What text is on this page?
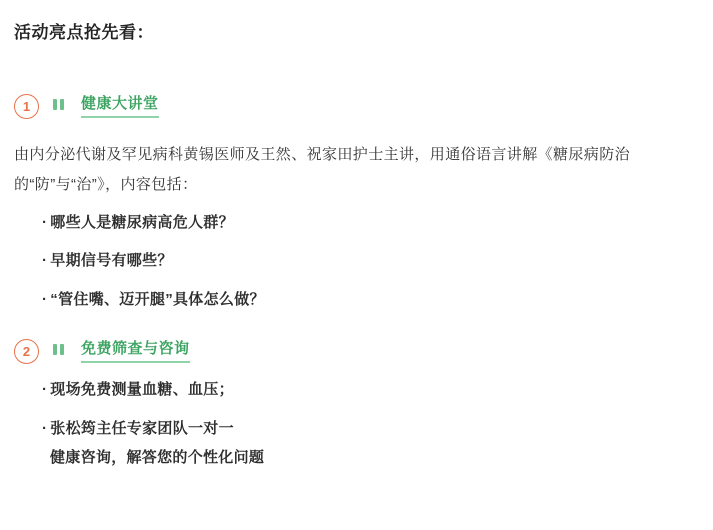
活动亮点抢先看：
1	健康大讲堂
由内分泌代谢及罕见病科黄锡医师及王然、祝家田护士主讲，用通俗语言讲解《糖尿病防治的“防”与“治”》，内容包括：
· 哪些人是糖尿病高危人群？
· 早期信号有哪些？
· “管住嘴、迈开腿”具体怎么做？
2	免费筛查与咨询
· 现场免费测量血糖、血压；
· 张松筠主任专家团队一对一
健康咨询，解答您的个性化问题
